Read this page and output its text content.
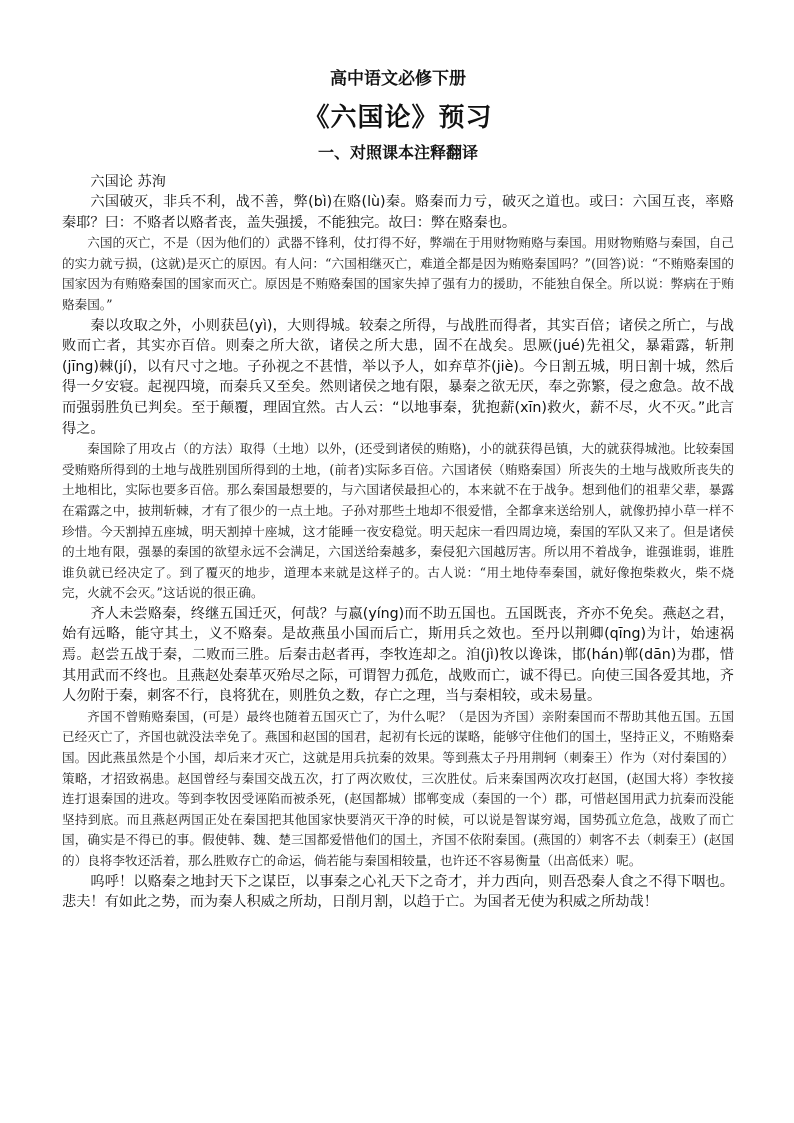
高中语文必修下册
《六国论》预习
一、对照课本注释翻译

六国论 苏洵

六国破灭，非兵不利，战不善，弊(bì)在赂(lù)秦。赂秦而力亏，破灭之道也。或曰：六国互丧，率赂秦耶？曰：不赂者以赂者丧，盖失强援，不能独完。故曰：弊在赂秦也。

六国的灭亡，不是（因为他们的）武器不锋利，仗打得不好，弊端在于用财物贿赂与秦国。用财物贿赂与秦国，自己的实力就亏损，(这就)是灭亡的原因。有人问：“六国相继灭亡，难道全都是因为贿赂秦国吗？”(回答)说：“不贿赂秦国的国家因为有贿赂秦国的国家而灭亡。原因是不贿赂秦国的国家失掉了强有力的援助，不能独自保全。所以说：弊病在于贿赂秦国。”

秦以攻取之外，小则获邑(yì)，大则得城。较秦之所得，与战胜而得者，其实百倍；诸侯之所亡，与战败而亡者，其实亦百倍。则秦之所大欲，诸侯之所大患，固不在战矣。思厥(jué)先祖父，暴霜露，斩荆(jīng)棘(jí)，以有尺寸之地。子孙视之不甚惜，举以予人，如弃草芥(jiè)。今日割五城，明日割十城，然后得一夕安寝。起视四境，而秦兵又至矣。然则诸侯之地有限，暴秦之欲无厌，奉之弥繁，侵之愈急。故不战而强弱胜负已判矣。至于颠覆，理固宜然。古人云：“以地事秦，犹抱薪(xīn)救火，薪不尽，火不灭。”此言得之。

秦国除了用攻占（的方法）取得（土地）以外，(还受到诸侯的贿赂)，小的就获得邑镇，大的就获得城池。比较秦国受贿赂所得到的土地与战胜别国所得到的土地，(前者)实际多百倍。六国诸侯（贿赂秦国）所丧失的土地与战败所丧失的土地相比，实际也要多百倍。那么秦国最想要的，与六国诸侯最担心的，本来就不在于战争。想到他们的祖辈父辈，暴露在霜露之中，披荆斩棘，才有了很少的一点土地。子孙对那些土地却不很爱惜，全都拿来送给别人，就像扔掉小草一样不珍惜。今天割掉五座城，明天割掉十座城，这才能睡一夜安稳觉。明天起床一看四周边境，秦国的军队又来了。但是诸侯的土地有限，强暴的秦国的欲望永远不会满足，六国送给秦越多，秦侵犯六国越厉害。所以用不着战争，谁强谁弱，谁胜谁负就已经决定了。到了覆灭的地步，道理本来就是这样子的。古人说：“用土地侍奉秦国，就好像抱柴救火，柴不烧完，火就不会灭。”这话说的很正确。

齐人未尝赂秦，终继五国迁灭，何哉？与嬴(yíng)而不助五国也。五国既丧，齐亦不免矣。燕赵之君，始有远略，能守其土，义不赂秦。是故燕虽小国而后亡，斯用兵之效也。至丹以荆卿(qīng)为计，始速祸焉。赵尝五战于秦，二败而三胜。后秦击赵者再，李牧连却之。洎(jì)牧以谗诛，邯(hán)郸(dān)为郡，惜其用武而不终也。且燕赵处秦革灭殆尽之际，可谓智力孤危，战败而亡，诚不得已。向使三国各爱其地，齐人勿附于秦，刺客不行，良将犹在，则胜负之数，存亡之理，当与秦相较，或未易量。

齐国不曾贿赂秦国，(可是）最终也随着五国灭亡了，为什么呢？（是因为齐国）亲附秦国而不帮助其他五国。五国已经灭亡了，齐国也就没法幸免了。燕国和赵国的国君，起初有长远的谋略，能够守住他们的国土，坚持正义，不贿赂秦国。因此燕虽然是个小国，却后来才灭亡，这就是用兵抗秦的效果。等到燕太子丹用荆轲（刺秦王）作为（对付秦国的）策略，才招致祸患。赵国曾经与秦国交战五次，打了两次败仗，三次胜仗。后来秦国两次攻打赵国，(赵国大将）李牧接连打退秦国的进攻。等到李牧因受诬陷而被杀死，(赵国都城）邯郸变成（秦国的一个）郡，可惜赵国用武力抗秦而没能坚持到底。而且燕赵两国正处在秦国把其他国家快要消灭干净的时候，可以说是智谋穷竭，国势孤立危急，战败了而亡国，确实是不得已的事。假使韩、魏、楚三国都爱惜他们的国土，齐国不依附秦国。(燕国的）刺客不去（刺秦王）(赵国的）良将李牧还活着，那么胜败存亡的命运，倘若能与秦国相较量，也许还不容易衡量（出高低来）呢。

呜呼！以赂秦之地封天下之谋臣，以事秦之心礼天下之奇才，并力西向，则吾恐秦人食之不得下咽也。悲夫！有如此之势，而为秦人积威之所劫，日削月割，以趋于亡。为国者无使为积威之所劫哉！
